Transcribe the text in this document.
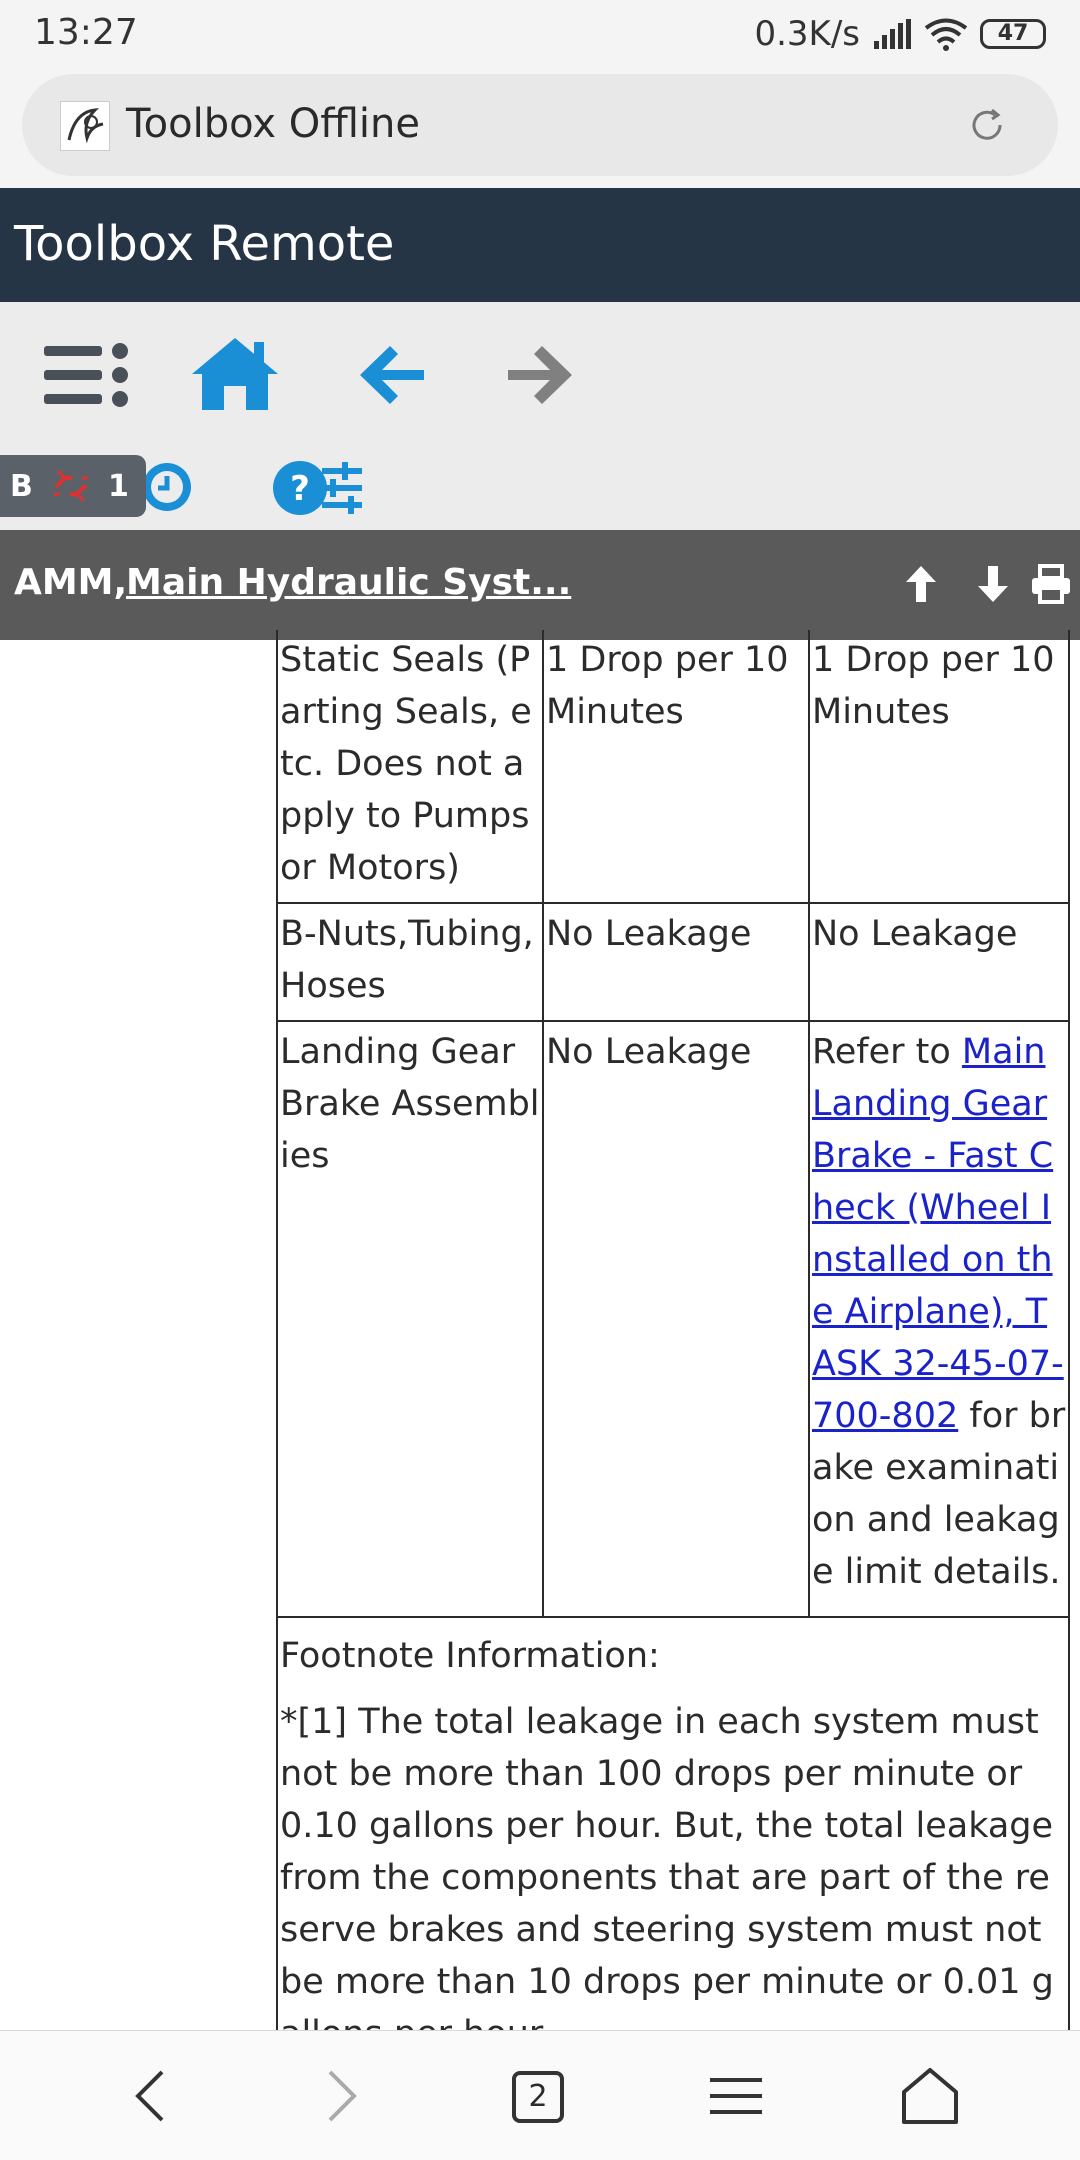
13:27	0.3K/s	47
Toolbox Offline
Toolbox Remote
?
B	1
AMM,
Main Hydraulic Syst...
Static Seals (Parting Seals, etc. Does not apply to Pumps or Motors)	1 Drop per 10 Minutes	1 Drop per 10 Minutes
B-Nuts,Tubing, Hoses	No Leakage	No Leakage
Landing Gear Brake Assemblies	No Leakage	Refer to Main Landing Gear Brake - Fast Check (Wheel Installed on the Airplane), TASK 32-45-07-700-802 for brake examination and leakage limit details.

Footnote Information:
*[1] The total leakage in each system must not be more than 100 drops per minute or 0.10 gallons per hour. But, the total leakage from the components that are part of the reserve brakes and steering system must not be more than 10 drops per minute or 0.01 g		
2
